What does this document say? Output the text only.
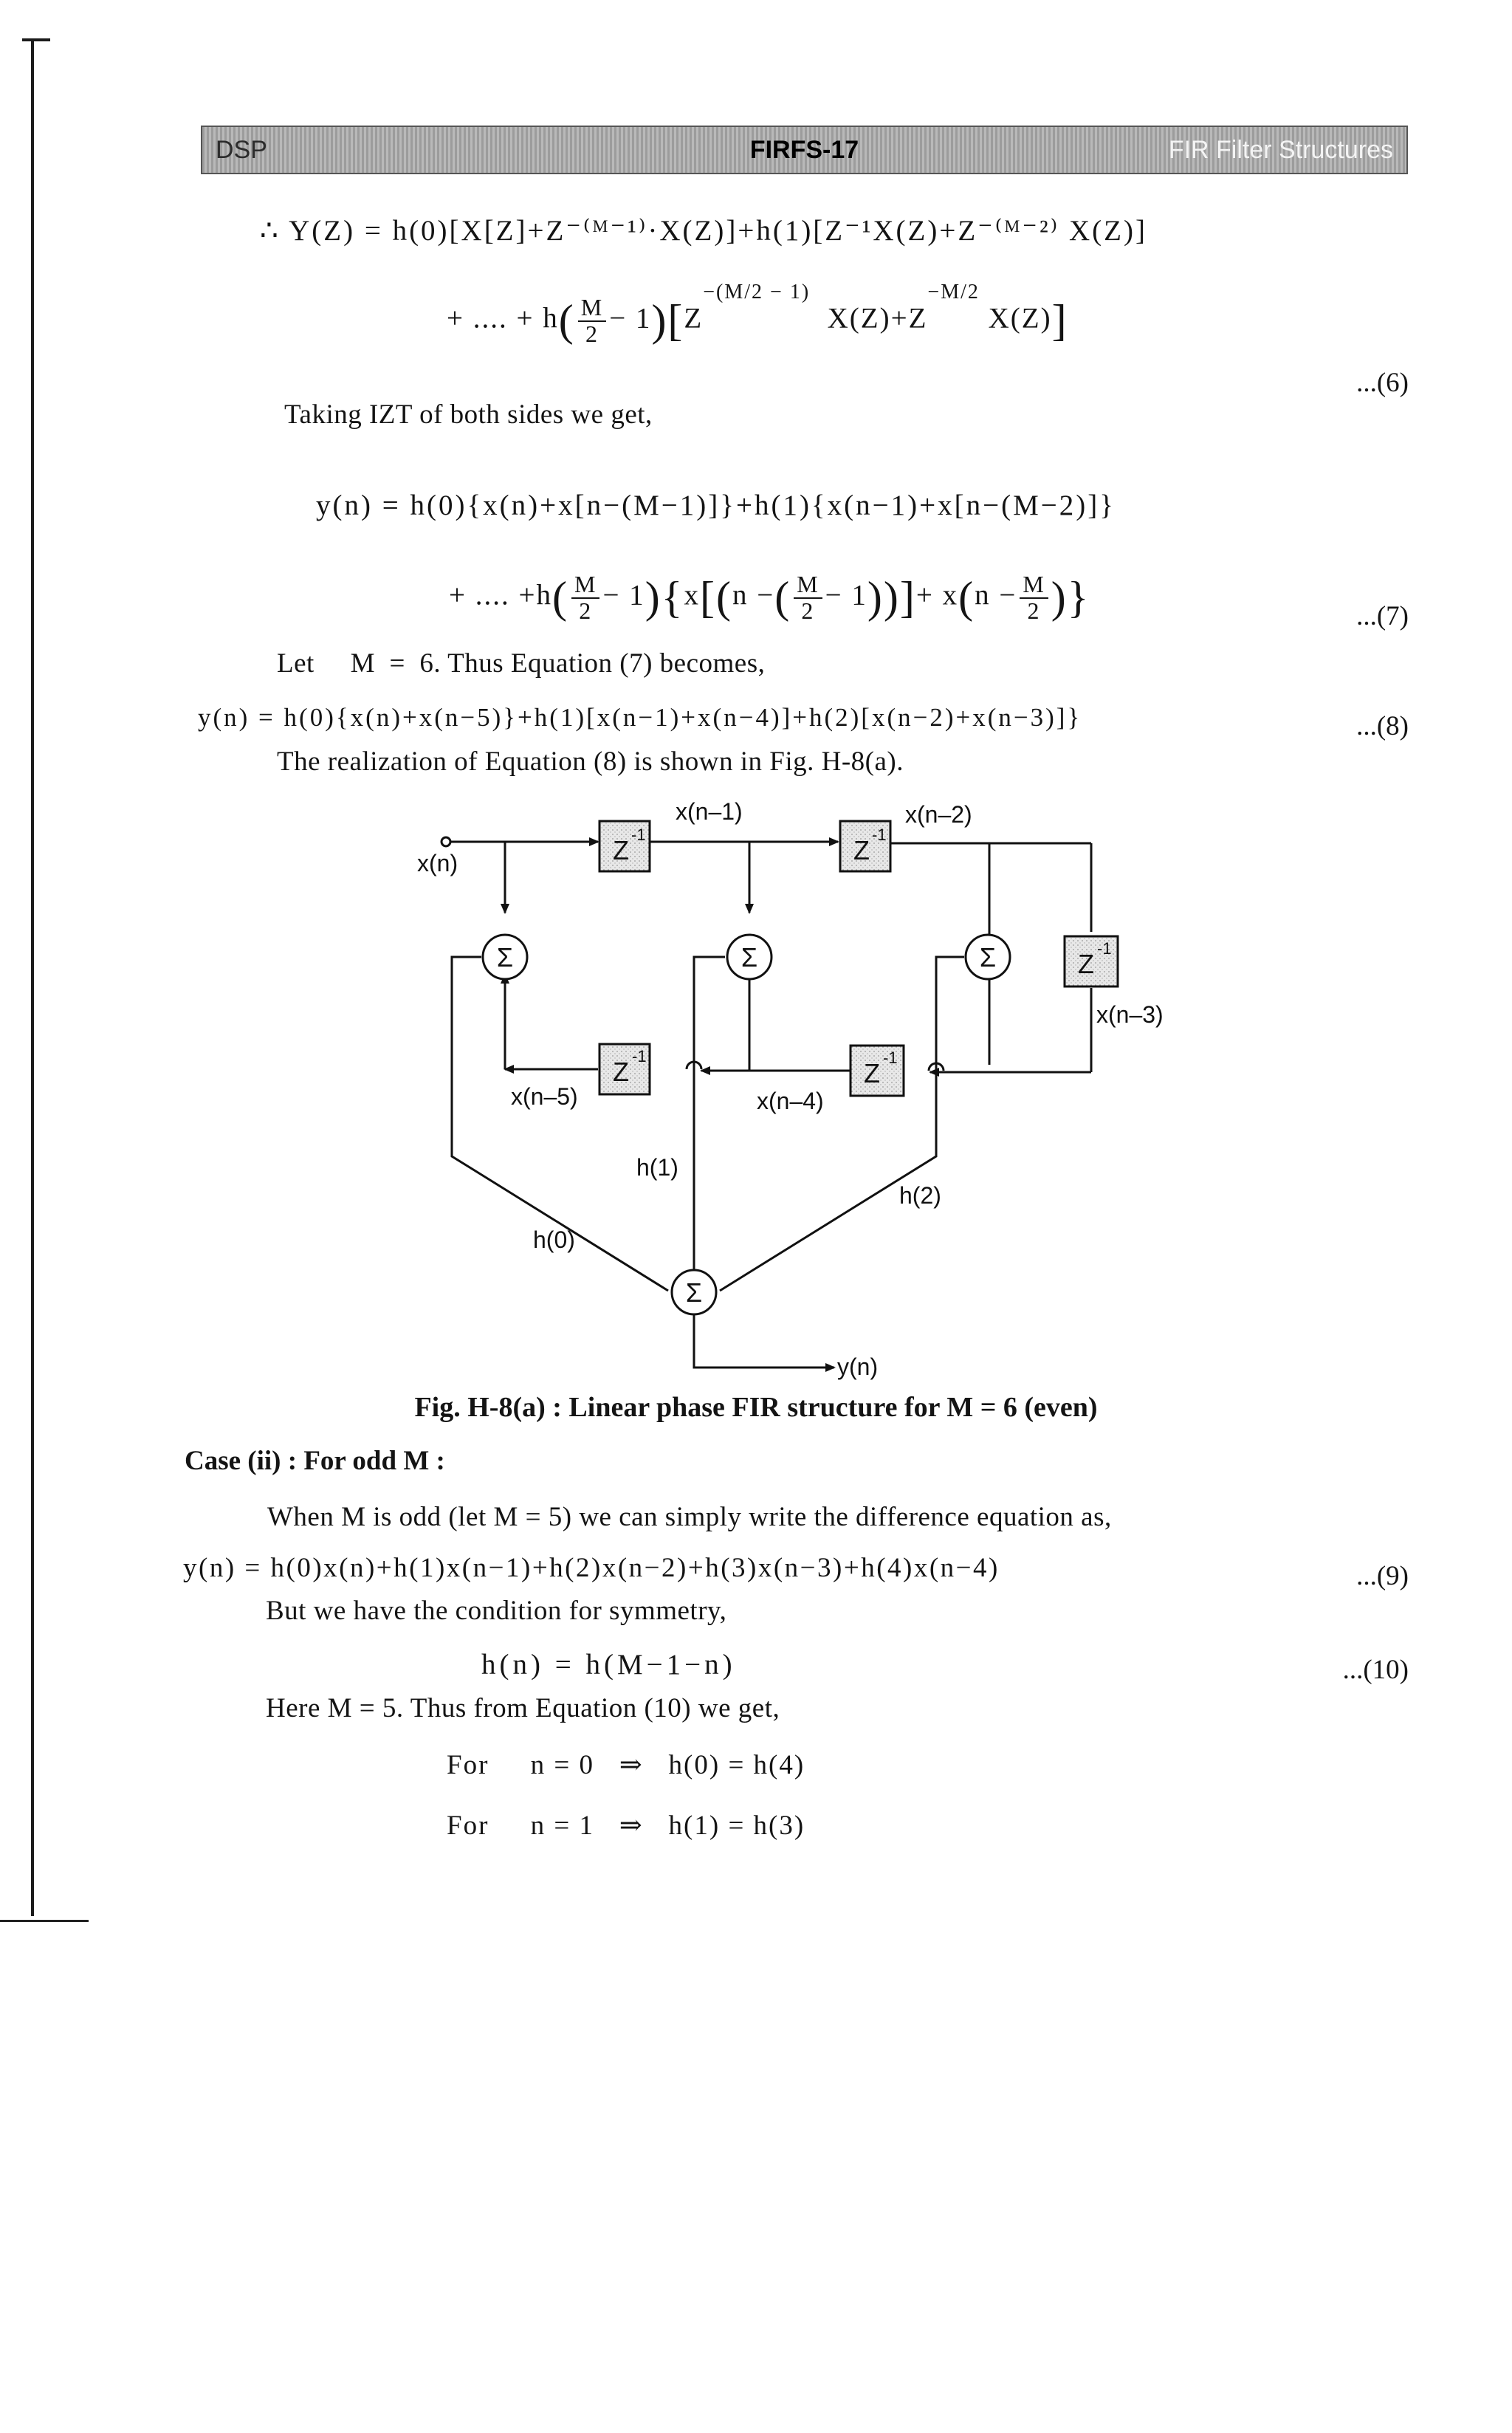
DSP	FIRFS-17	FIR Filter Structures
∴ Y(Z) = h(0)[X[Z]+Z⁻⁽ᴹ⁻¹⁾·X(Z)]+h(1)[Z⁻¹X(Z)+Z⁻⁽ᴹ⁻²⁾ X(Z)]
+ .... + $h( \frac{M}{2} - 1)[Z^{-(M/2 - 1)}$  $X(Z)+Z^{-M/2}$ X(Z)]
...(6)
Taking IZT of both sides we get,
y(n) = h(0){x(n)+x[n−(M−1)]}+h(1){x(n−1)+x[n−(M−2)]}
+ .... $+h( \frac{M}{2} - 1)\{x[(n$ −( $\frac{M}{2} - 1))]+ x(n - \frac{M}{2}$ )}	...(7)
Let M = 6. Thus Equation (7) becomes,
y(n) = h(0){x(n)+x(n−5)}+h(1)[x(n−1)+x(n−4)]+h(2)[x(n−2)+x(n−3)]}	...(8)
The realization of Equation (8) is shown in Fig. H-8(a).
Z
-1
Z
-1
Z
-1
Z
-1
Z
-1
Σ	Σ	Σ
Σ
x(n)
x(n–1)	x(n–2)
x(n–3)
x(n–4)
x(n–5)
h(1)
h(2)
h(0)
y(n)
Fig. H-8(a) : Linear phase FIR structure for M = 6 (even)
Case (ii) : For odd M :
When M is odd (let M = 5) we can simply write the difference equation as,
y(n) = h(0)x(n)+h(1)x(n−1)+h(2)x(n−2)+h(3)x(n−3)+h(4)x(n−4)	...(9)
But we have the condition for symmetry,
h(n) = h(M−1−n)	...(10)
Here M = 5. Thus from Equation (10) we get,
For n = 0 ⇒ h(0) = h(4)
For n = 1 ⇒ h(1) = h(3)
